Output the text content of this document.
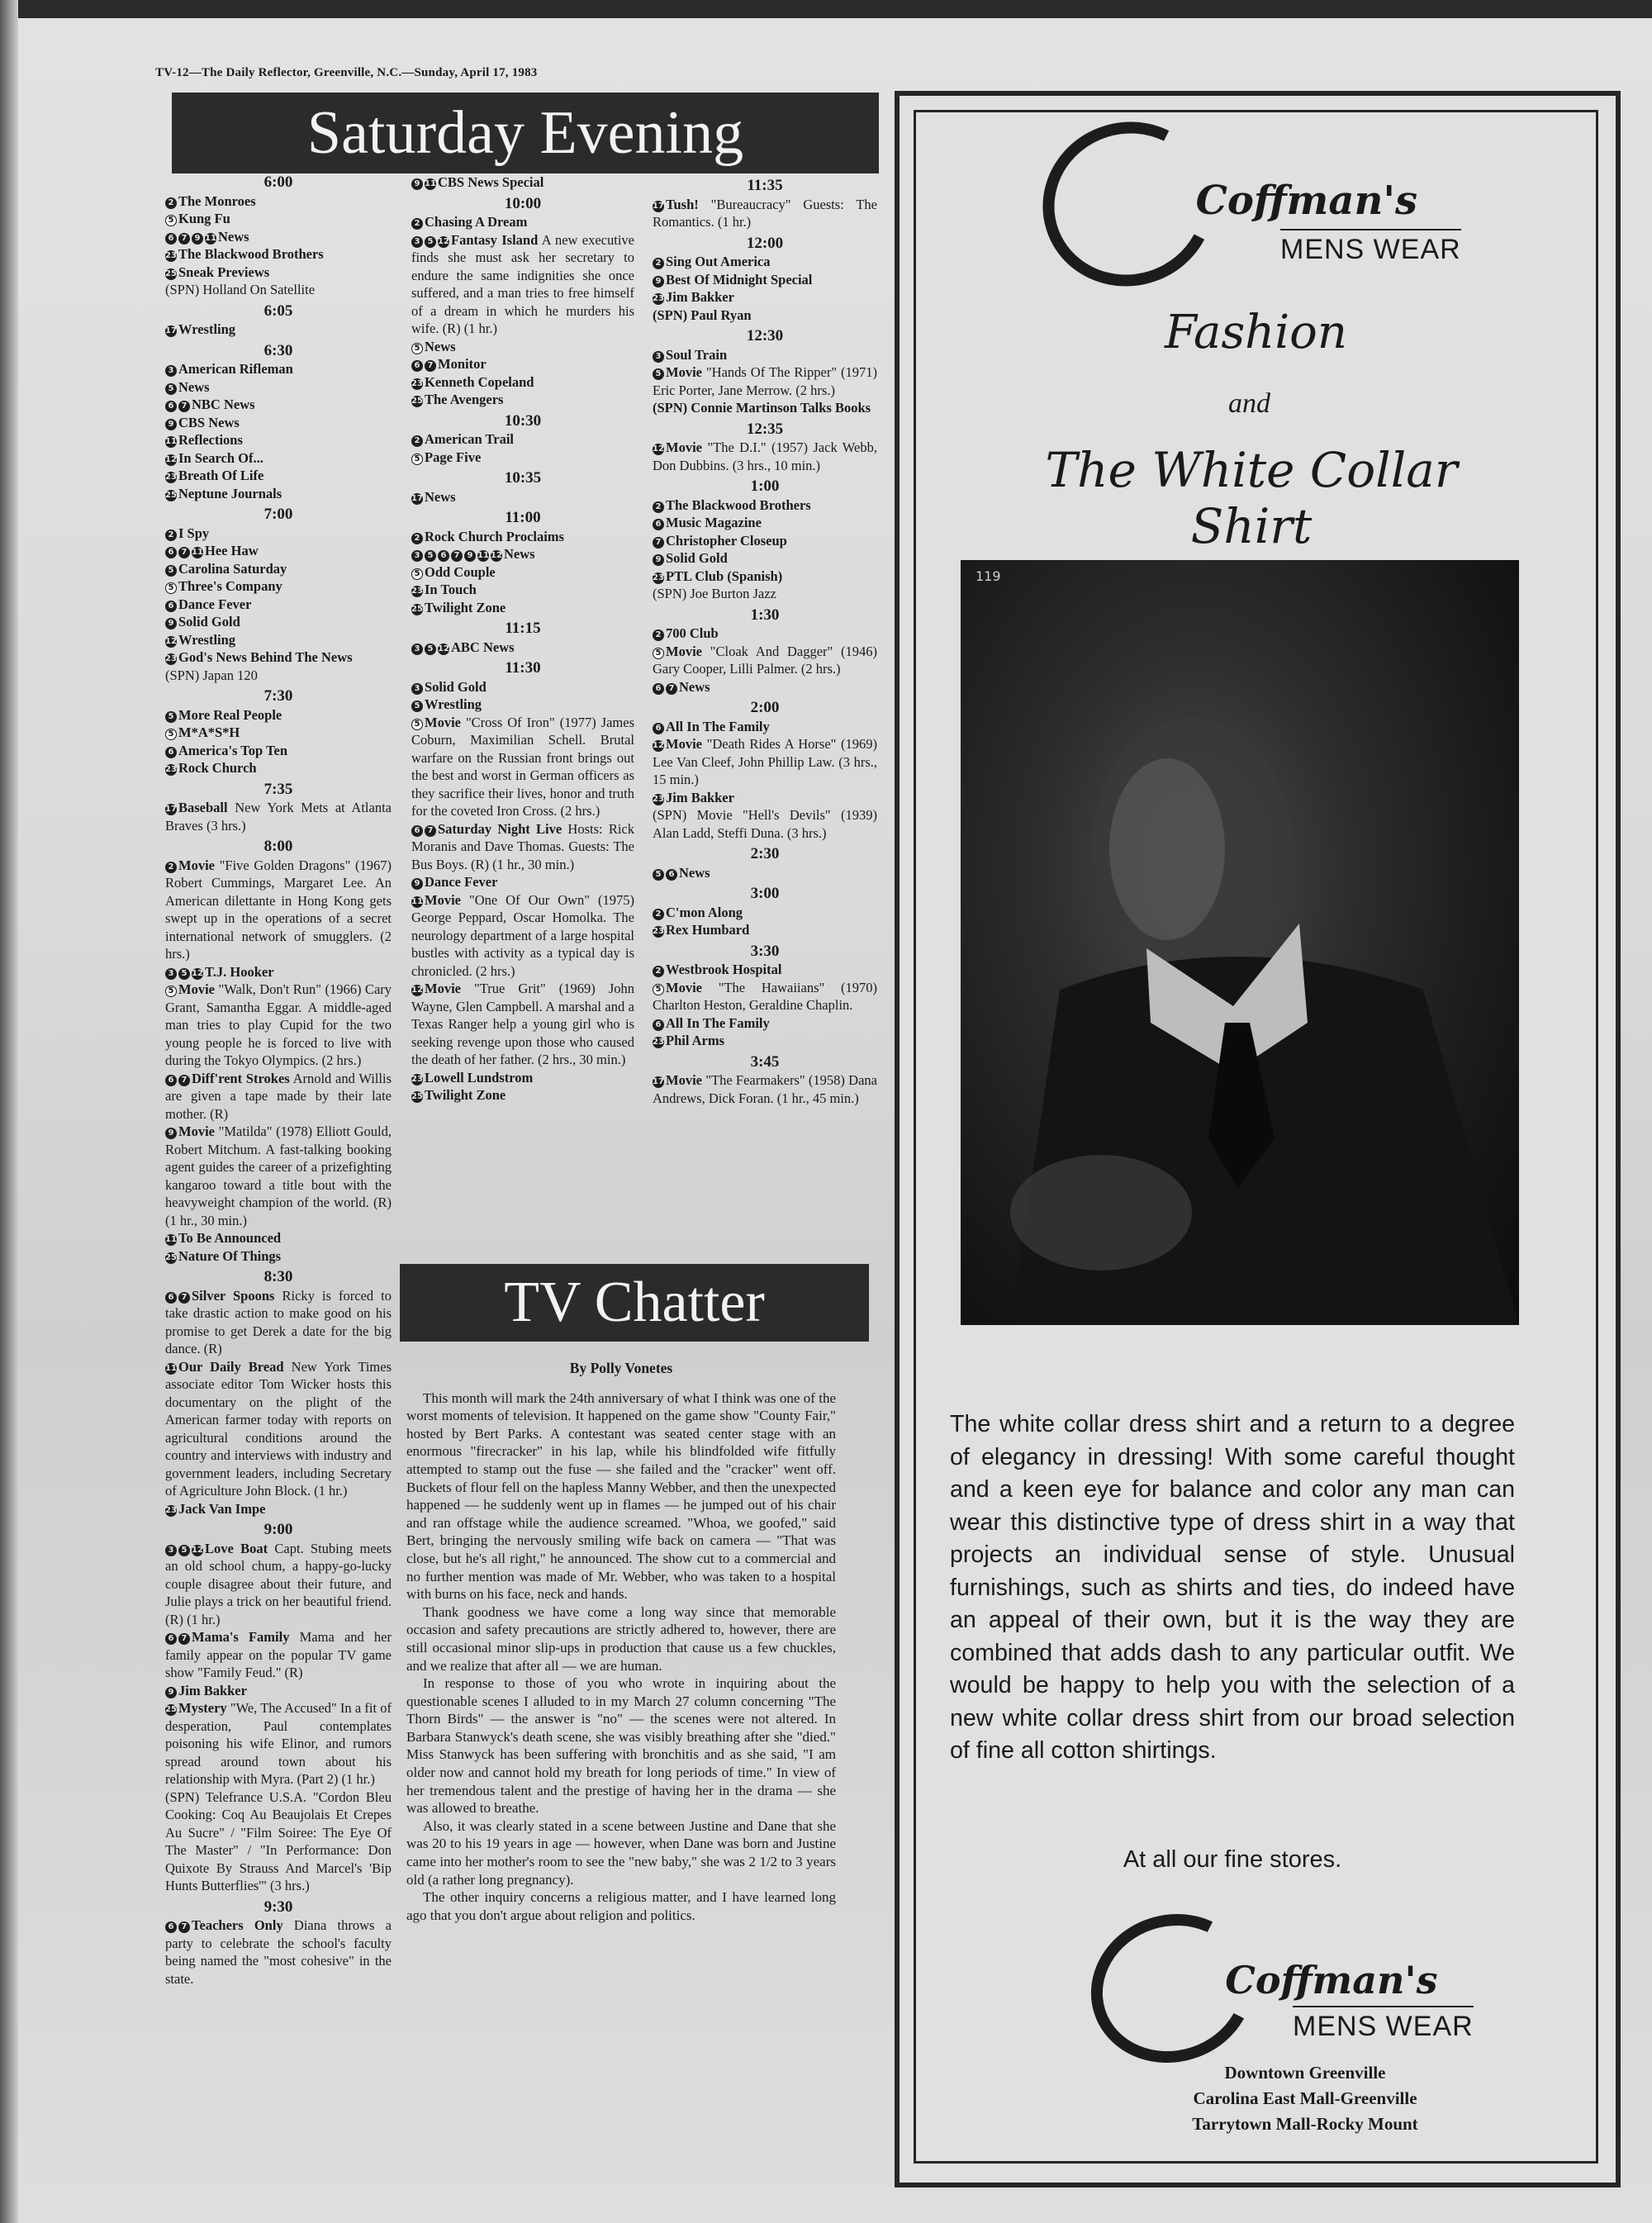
TV-12—The Daily Reflector, Greenville, N.C.—Sunday, April 17, 1983
Saturday Evening
6:00
2 The Monroes
5 Kung Fu
6 7 9 11 News
23 The Blackwood Brothers
25 Sneak Previews
(SPN) Holland On Satellite
6:05
17 Wrestling
6:30
3 American Rifleman
5 News
6 7 NBC News
9 CBS News
11 Reflections
12 In Search Of...
23 Breath Of Life
25 Neptune Journals
7:00
2 I Spy
6 7 11 Hee Haw
5 Carolina Saturday
5 Three's Company
6 Dance Fever
9 Solid Gold
12 Wrestling
23 God's News Behind The News
(SPN) Japan 120
7:30
5 More Real People
5 M*A*S*H
6 America's Top Ten
23 Rock Church
7:35
17 Baseball New York Mets at Atlanta Braves (3 hrs.)
8:00
2 Movie "Five Golden Dragons" (1967) Robert Cummings, Margaret Lee. An American dilettante in Hong Kong gets swept up in the operations of a secret international network of smugglers. (2 hrs.)
3 5 12 T.J. Hooker
5 Movie "Walk, Don't Run" (1966) Cary Grant, Samantha Eggar. A middle-aged man tries to play Cupid for the two young people he is forced to live with during the Tokyo Olympics. (2 hrs.)
6 7 Diff'rent Strokes Arnold and Willis are given a tape made by their late mother. (R)
9 Movie "Matilda" (1978) Elliott Gould, Robert Mitchum. A fast-talking booking agent guides the career of a prizefighting kangaroo toward a title bout with the heavyweight champion of the world. (R) (1 hr., 30 min.)
11 To Be Announced
25 Nature Of Things
8:30
6 7 Silver Spoons Ricky is forced to take drastic action to make good on his promise to get Derek a date for the big dance. (R)
11 Our Daily Bread New York Times associate editor Tom Wicker hosts this documentary on the plight of the American farmer today with reports on agricultural conditions around the country and interviews with industry and government leaders, including Secretary of Agriculture John Block. (1 hr.)
23 Jack Van Impe
9:00
3 5 12 Love Boat Capt. Stubing meets an old school chum, a happy-go-lucky couple disagree about their future, and Julie plays a trick on her beautiful friend. (R) (1 hr.)
6 7 Mama's Family Mama and her family appear on the popular TV game show "Family Feud." (R)
9 Jim Bakker
25 Mystery "We, The Accused" In a fit of desperation, Paul contemplates poisoning his wife Elinor, and rumors spread around town about his relationship with Myra. (Part 2) (1 hr.)
(SPN) Telefrance U.S.A. "Cordon Bleu Cooking: Coq Au Beaujolais Et Crepes Au Sucre" / "Film Soiree: The Eye Of The Master" / "In Performance: Don Quixote By Strauss And Marcel's 'Bip Hunts Butterflies'" (3 hrs.)
9:30
6 7 Teachers Only Diana throws a party to celebrate the school's faculty being named the "most cohesive" in the state.
9 11 CBS News Special
10:00
2 Chasing A Dream
3 5 12 Fantasy Island A new executive finds she must ask her secretary to endure the same indignities she once suffered, and a man tries to free himself of a dream in which he murders his wife. (R) (1 hr.)
5 News
6 7 Monitor
23 Kenneth Copeland
25 The Avengers
10:30
2 American Trail
5 Page Five
10:35
17 News
11:00
2 Rock Church Proclaims
3 5 6 7 9 11 12 News
5 Odd Couple
23 In Touch
25 Twilight Zone
11:15
3 5 12 ABC News
11:30
3 Solid Gold
5 Wrestling
5 Movie "Cross Of Iron" (1977) James Coburn, Maximilian Schell. Brutal warfare on the Russian front brings out the best and worst in German officers as they sacrifice their lives, honor and truth for the coveted Iron Cross. (2 hrs.)
6 7 Saturday Night Live Hosts: Rick Moranis and Dave Thomas. Guests: The Bus Boys. (R) (1 hr., 30 min.)
9 Dance Fever
11 Movie "One Of Our Own" (1975) George Peppard, Oscar Homolka. The neurology department of a large hospital bustles with activity as a typical day is chronicled. (2 hrs.)
12 Movie "True Grit" (1969) John Wayne, Glen Campbell. A marshal and a Texas Ranger help a young girl who is seeking revenge upon those who caused the death of her father. (2 hrs., 30 min.)
23 Lowell Lundstrom
25 Twilight Zone
11:35
17 Tush! "Bureaucracy" Guests: The Romantics. (1 hr.)
12:00
2 Sing Out America
9 Best Of Midnight Special
23 Jim Bakker
(SPN) Paul Ryan
12:30
3 Soul Train
5 Movie "Hands Of The Ripper" (1971) Eric Porter, Jane Merrow. (2 hrs.)
(SPN) Connie Martinson Talks Books
12:35
12 Movie "The D.I." (1957) Jack Webb, Don Dubbins. (3 hrs., 10 min.)
1:00
2 The Blackwood Brothers
6 Music Magazine
7 Christopher Closeup
9 Solid Gold
23 PTL Club (Spanish)
(SPN) Joe Burton Jazz
1:30
2 700 Club
5 Movie "Cloak And Dagger" (1946) Gary Cooper, Lilli Palmer. (2 hrs.)
6 7 News
2:00
6 All In The Family
12 Movie "Death Rides A Horse" (1969) Lee Van Cleef, John Phillip Law. (3 hrs., 15 min.)
23 Jim Bakker
(SPN) Movie "Hell's Devils" (1939) Alan Ladd, Steffi Duna. (3 hrs.)
2:30
5 6 News
3:00
2 C'mon Along
23 Rex Humbard
3:30
2 Westbrook Hospital
5 Movie "The Hawaiians" (1970) Charlton Heston, Geraldine Chaplin.
6 All In The Family
23 Phil Arms
3:45
17 Movie "The Fearmakers" (1958) Dana Andrews, Dick Foran. (1 hr., 45 min.)
TV Chatter
By Polly Vonetes

This month will mark the 24th anniversary of what I think was one of the worst moments of television. It happened on the game show "County Fair," hosted by Bert Parks. A contestant was seated center stage with an enormous "firecracker" in his lap, while his blindfolded wife fitfully attempted to stamp out the fuse — she failed and the "cracker" went off. Buckets of flour fell on the hapless Manny Webber, and then the unexpected happened — he suddenly went up in flames — he jumped out of his chair and ran offstage while the audience screamed. "Whoa, we goofed," said Bert, bringing the nervously smiling wife back on camera — "That was close, but he's all right," he announced. The show cut to a commercial and no further mention was made of Mr. Webber, who was taken to a hospital with burns on his face, neck and hands.

Thank goodness we have come a long way since that memorable occasion and safety precautions are strictly adhered to, however, there are still occasional minor slip-ups in production that cause us a few chuckles, and we realize that after all — we are human.

In response to those of you who wrote in inquiring about the questionable scenes I alluded to in my March 27 column concerning "The Thorn Birds" — the answer is "no" — the scenes were not altered. In Barbara Stanwyck's death scene, she was visibly breathing after she "died." Miss Stanwyck has been suffering with bronchitis and as she said, "I am older now and cannot hold my breath for long periods of time." In view of her tremendous talent and the prestige of having her in the drama — she was allowed to breathe.

Also, it was clearly stated in a scene between Justine and Dane that she was 20 to his 19 years in age — however, when Dane was born and Justine came into her mother's room to see the "new baby," she was 2 1/2 to 3 years old (a rather long pregnancy).

The other inquiry concerns a religious matter, and I have learned long ago that you don't argue about religion and politics.

Coffman's
MENS WEAR
Fashion
and
The White Collar Shirt
119
The white collar dress shirt and a return to a degree of elegancy in dressing! With some careful thought and a keen eye for balance and color any man can wear this distinctive type of dress shirt in a way that projects an individual sense of style. Unusual furnishings, such as shirts and ties, do indeed have an appeal of their own, but it is the way they are combined that adds dash to any particular outfit. We would be happy to help you with the selection of a new white collar dress shirt from our broad selection of fine all cotton shirtings.
At all our fine stores.
Coffman's
MENS WEAR
Downtown Greenville
Carolina East Mall-Greenville
Tarrytown Mall-Rocky Mount
